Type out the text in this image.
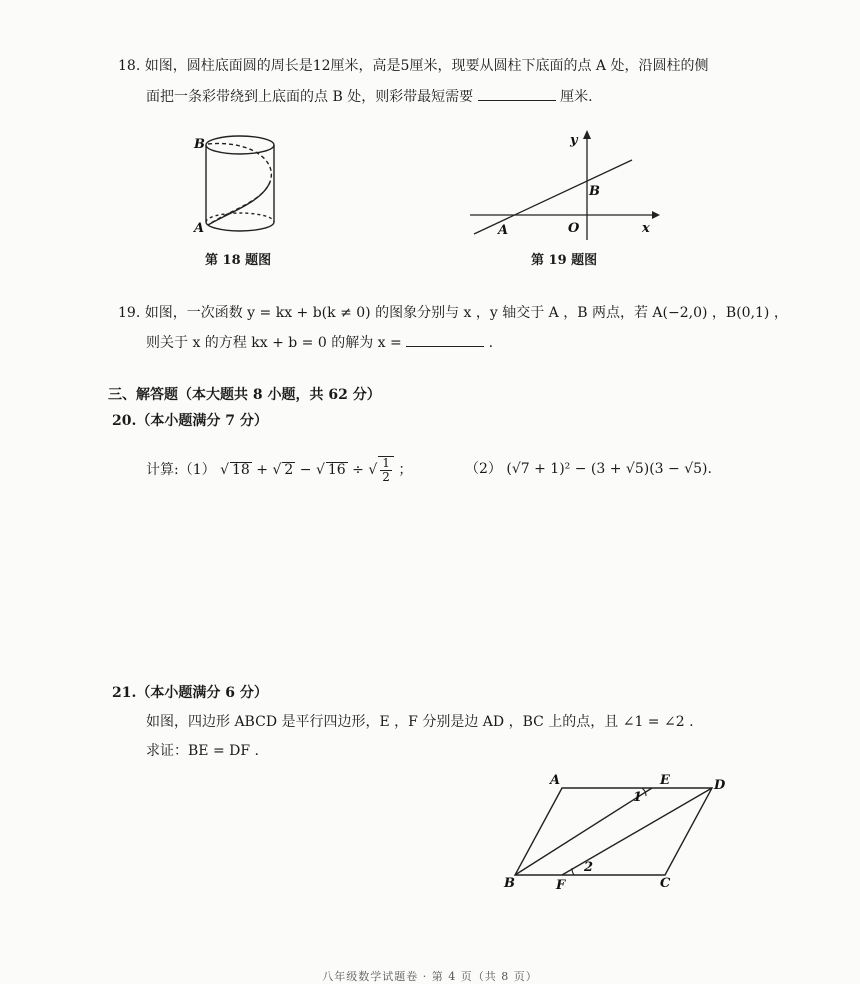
18. 如图，圆柱底面圆的周长是12厘米，高是5厘米，现要从圆柱下底面的点 A 处，沿圆柱的侧
面把一条彩带绕到上底面的点 B 处，则彩带最短需要	厘米.
B
A
第 18 题图
y
x
O
A
B
第 19 题图
19. 如图，一次函数 y = kx + b(k ≠ 0) 的图象分别与 x ，y 轴交于 A ，B 两点，若 A(−2,0) ，B(0,1) ，
则关于 x 的方程 kx + b = 0 的解为 x =	.
三、解答题（本大题共 8 小题，共 62 分）
20.（本小题满分 7 分）
计算:（1） √ 18 + √ 2 − √ 16 ÷ √ $\frac{1}{2}$ ；	（2） (√7 + 1)² − (3 + √5)(3 − √5).
21.（本小题满分 6 分）
如图，四边形 ABCD 是平行四边形，E ，F 分别是边 AD ，BC 上的点，且 ∠1 = ∠2 .
求证：BE = DF .
A	E	D
B	F	C
1
2
八年级数学试题卷 · 第 4 页（共 8 页）
